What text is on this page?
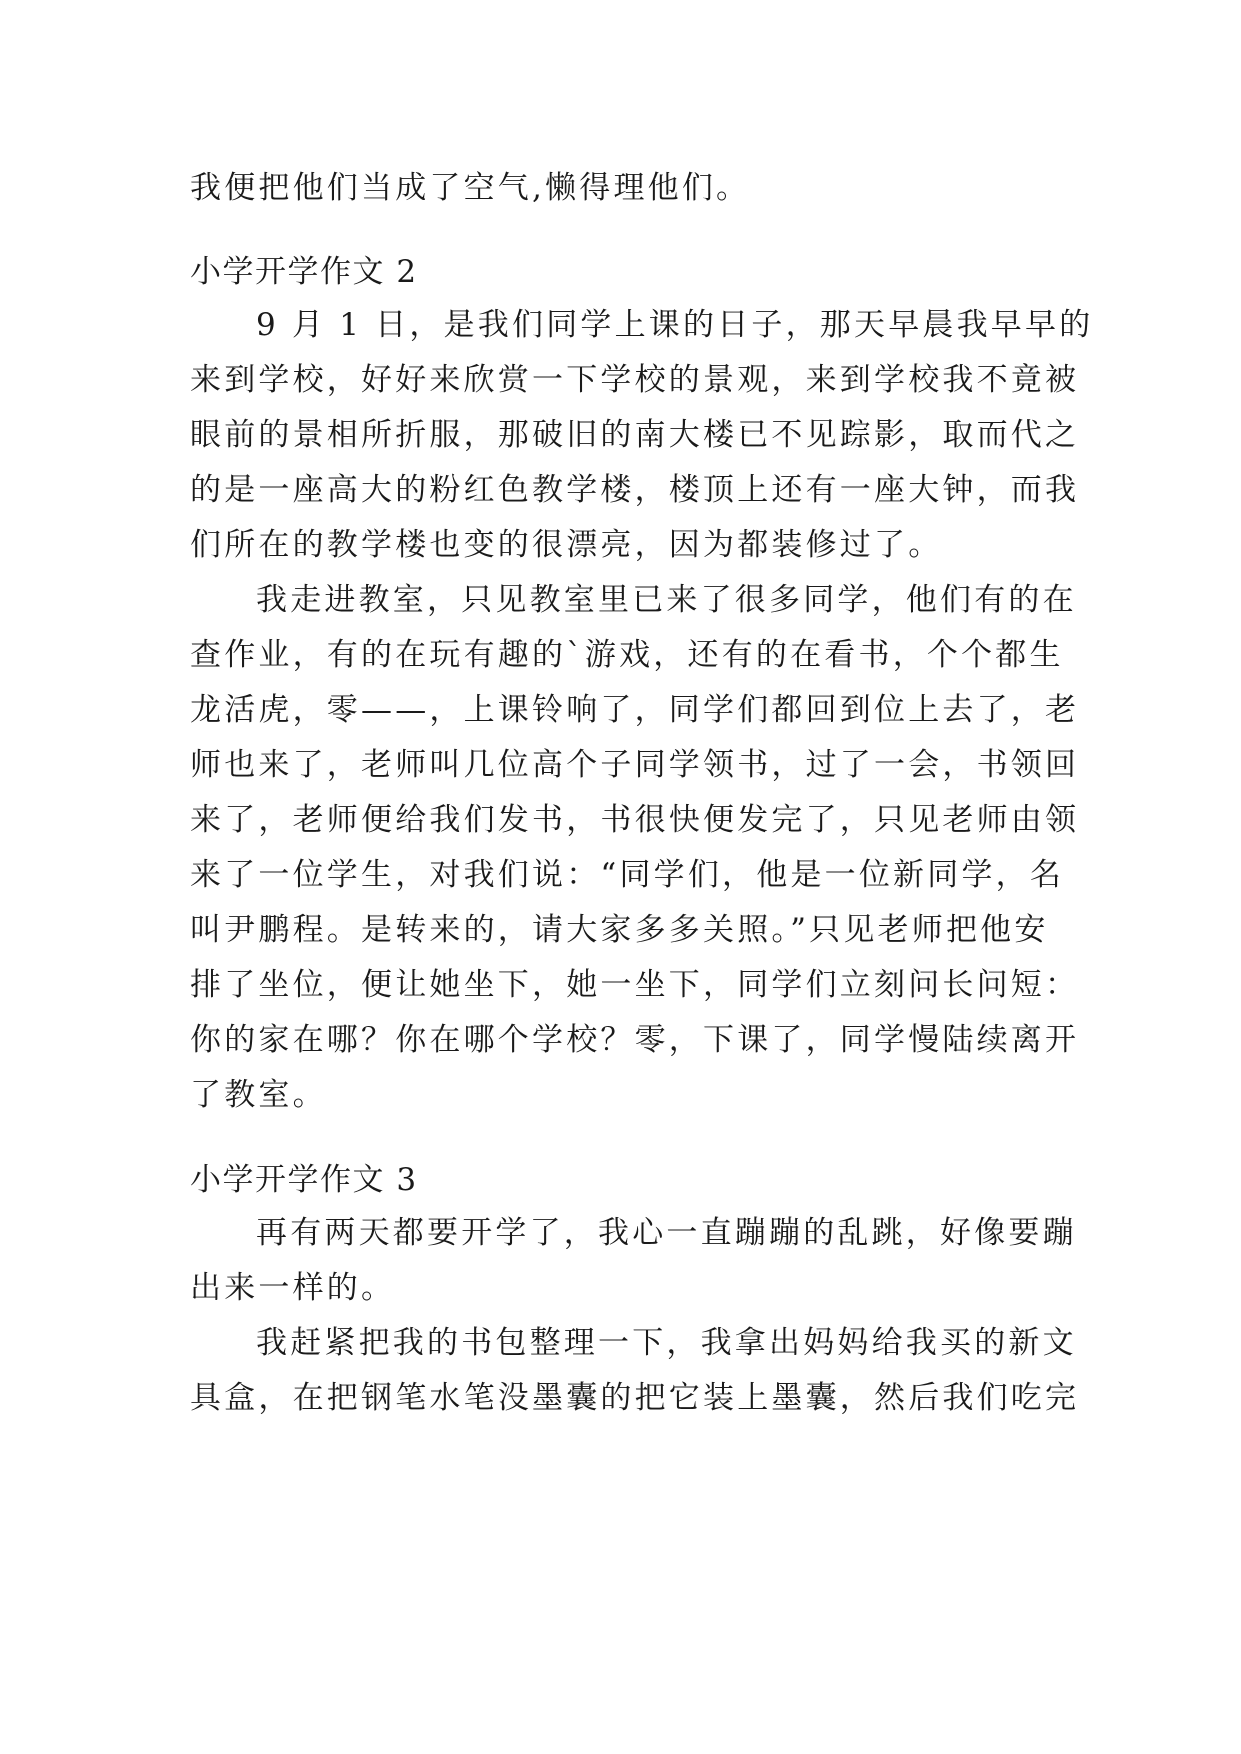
我便把他们当成了空气,懒得理他们。
小学开学作文 2
9 月 1 日，是我们同学上课的日子，那天早晨我早早的
来到学校，好好来欣赏一下学校的景观，来到学校我不竟被
眼前的景相所折服，那破旧的南大楼已不见踪影，取而代之
的是一座高大的粉红色教学楼，楼顶上还有一座大钟，而我
们所在的教学楼也变的很漂亮，因为都装修过了。
我走进教室，只见教室里已来了很多同学，他们有的在
查作业，有的在玩有趣的`游戏，还有的在看书，个个都生
龙活虎，零——，上课铃响了，同学们都回到位上去了，老
师也来了，老师叫几位高个子同学领书，过了一会，书领回
来了，老师便给我们发书，书很快便发完了，只见老师由领
来了一位学生，对我们说：“同学们，他是一位新同学，名
叫尹鹏程。是转来的，请大家多多关照。”只见老师把他安
排了坐位，便让她坐下，她一坐下，同学们立刻问长问短：
你的家在哪？你在哪个学校？零，下课了，同学慢陆续离开
了教室。
小学开学作文 3
再有两天都要开学了，我心一直蹦蹦的乱跳，好像要蹦
出来一样的。
我赶紧把我的书包整理一下，我拿出妈妈给我买的新文
具盒，在把钢笔水笔没墨囊的把它装上墨囊，然后我们吃完
